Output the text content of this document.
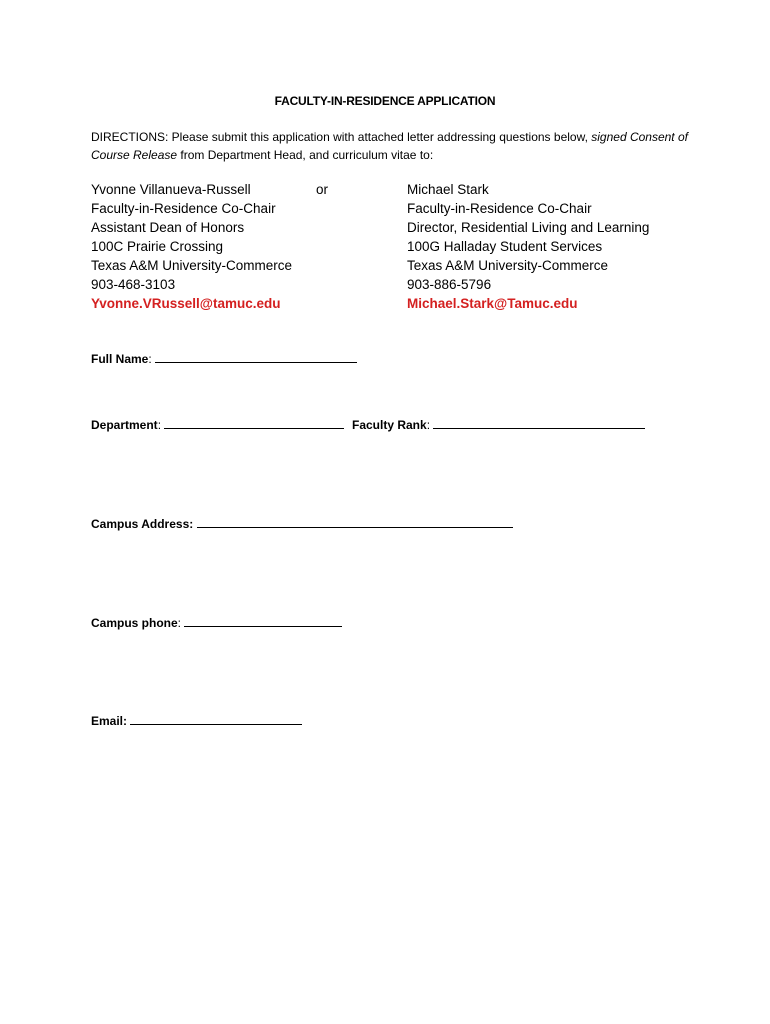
FACULTY-IN-RESIDENCE APPLICATION
DIRECTIONS: Please submit this application with attached letter addressing questions below, signed Consent of Course Release from Department Head, and curriculum vitae to:
Yvonne Villanueva-Russell
Faculty-in-Residence Co-Chair
Assistant Dean of Honors
100C Prairie Crossing
Texas A&M University-Commerce
903-468-3103
Yvonne.VRussell@tamuc.edu
or	Michael Stark
Faculty-in-Residence Co-Chair
Director, Residential Living and Learning
100G Halladay Student Services
Texas A&M University-Commerce
903-886-5796
Michael.Stark@Tamuc.edu
Full Name:
Department:	Faculty Rank:
Campus Address:
Campus phone:
Email:
